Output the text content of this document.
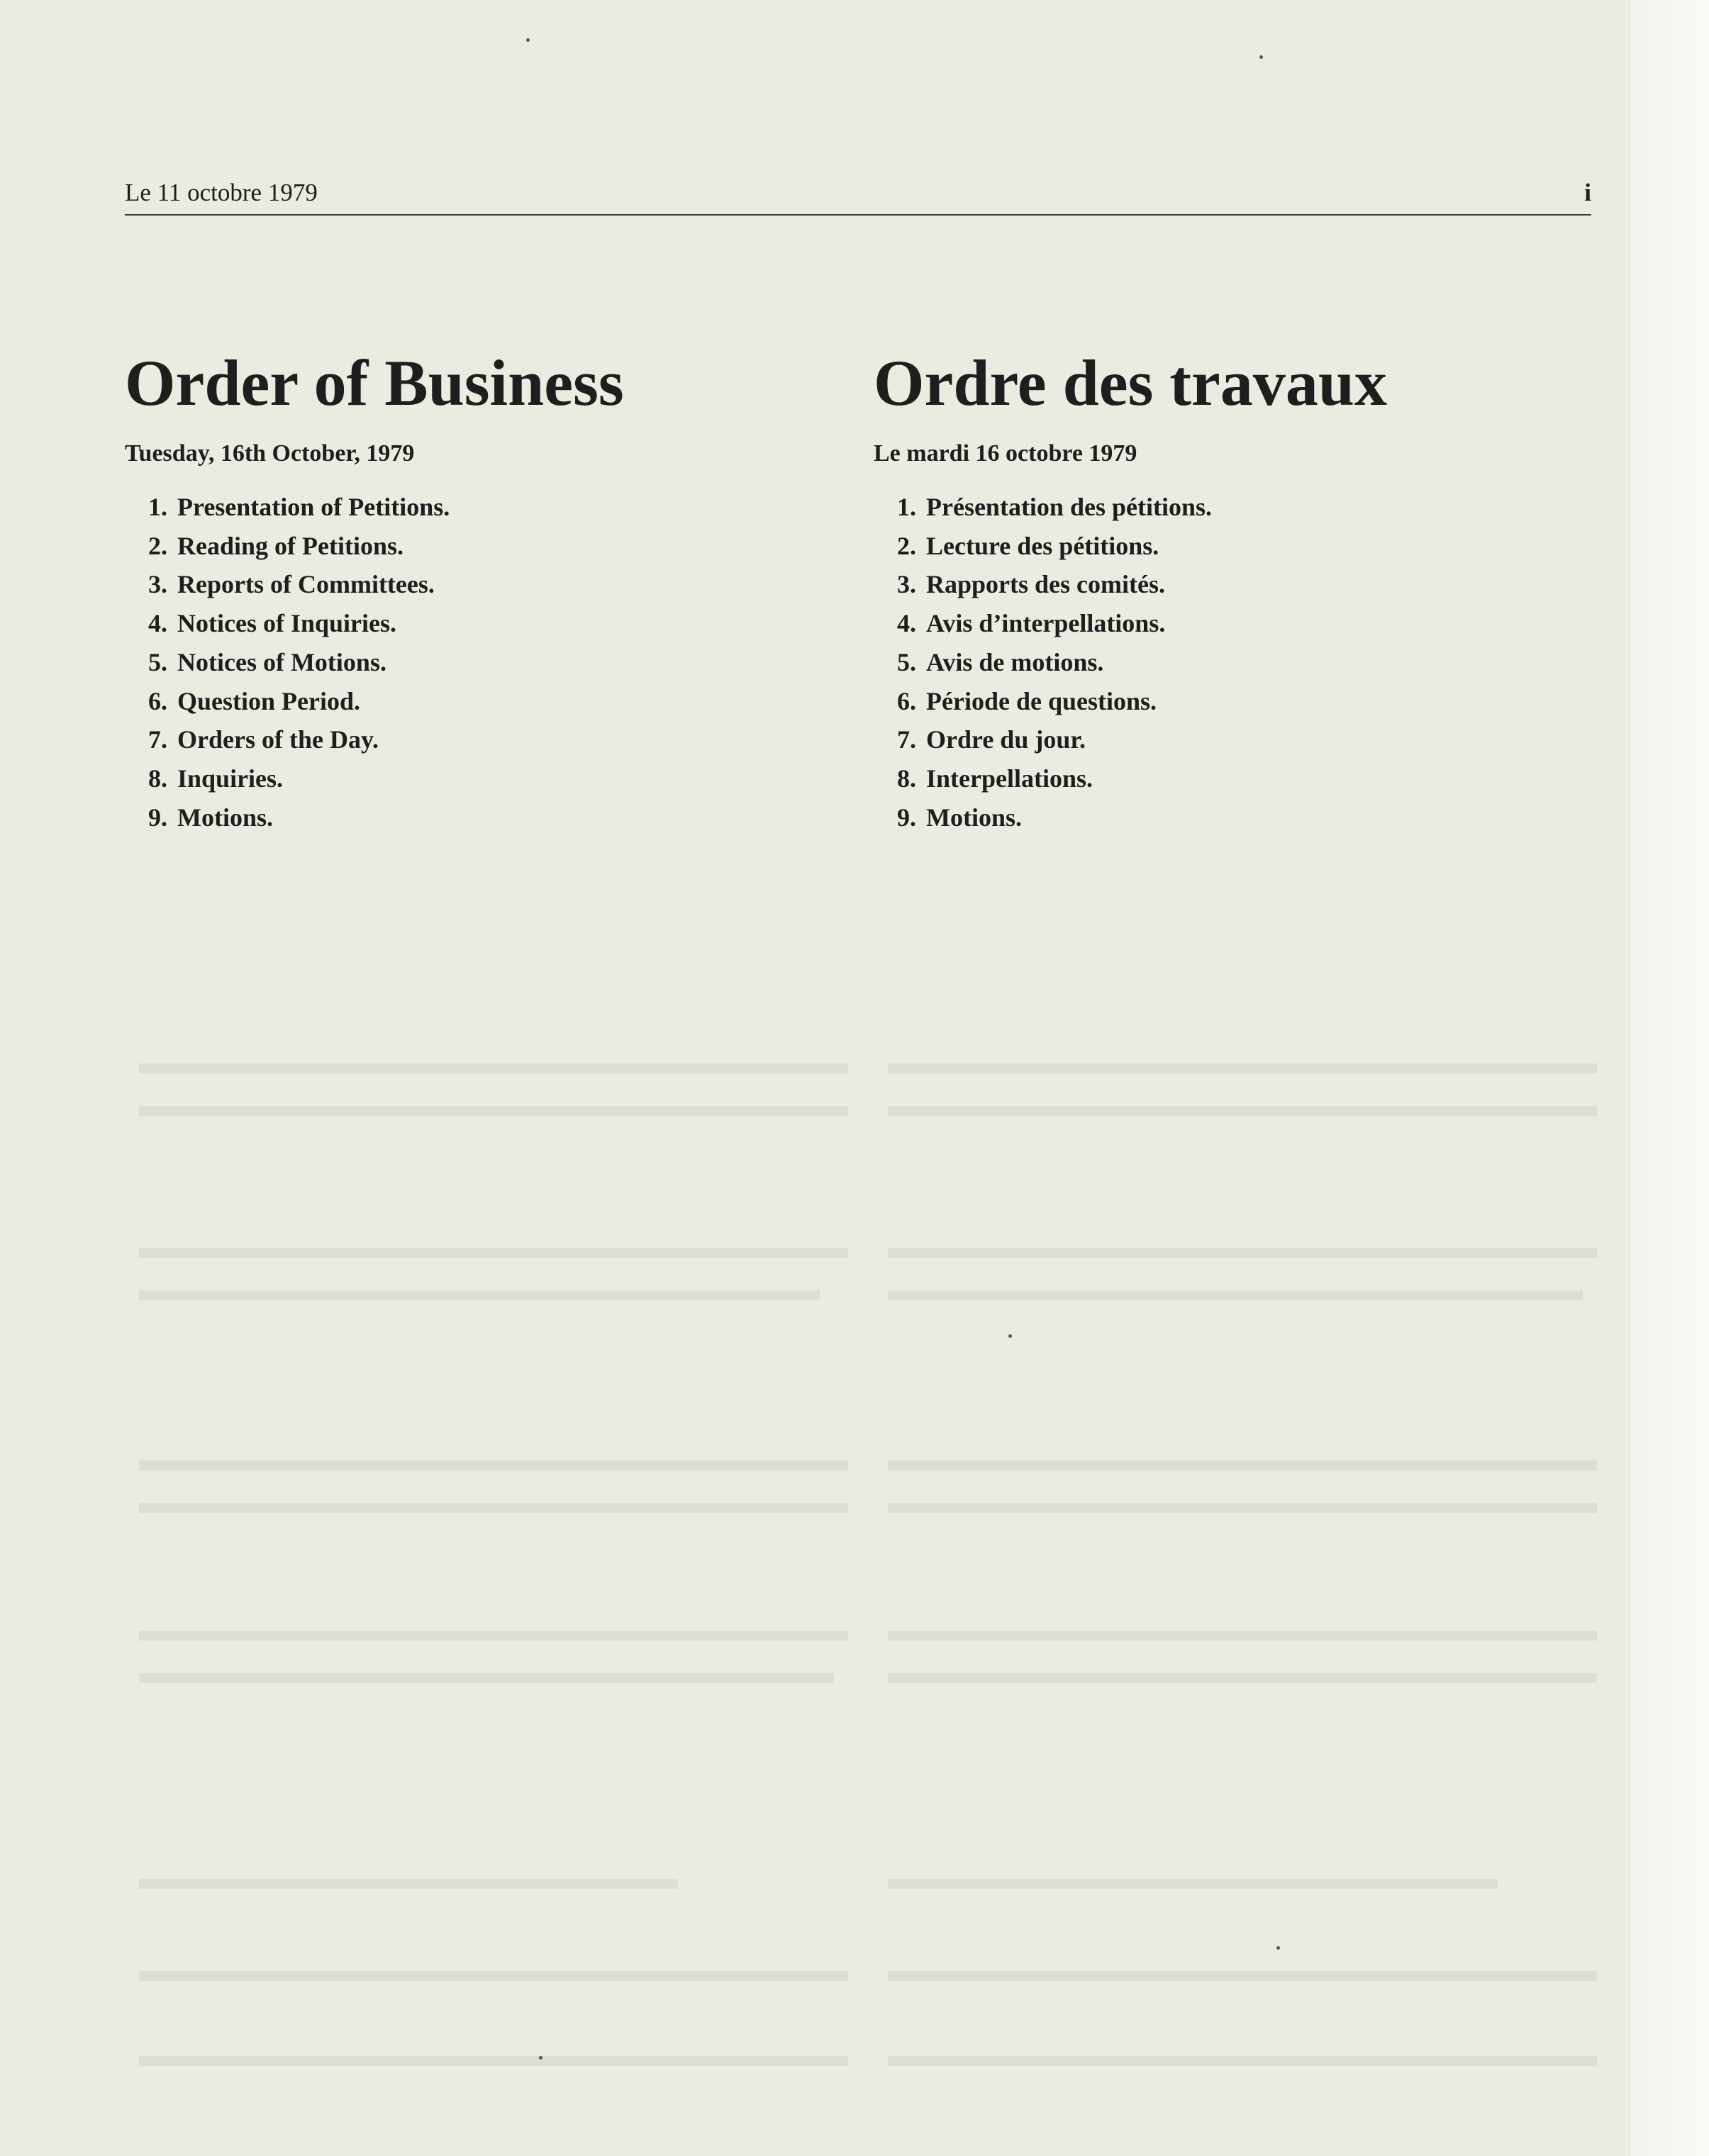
Le 11 octobre 1979	i
Order of Business
Tuesday, 16th October, 1979
1. Presentation of Petitions.
2. Reading of Petitions.
3. Reports of Committees.
4. Notices of Inquiries.
5. Notices of Motions.
6. Question Period.
7. Orders of the Day.
8. Inquiries.
9. Motions.
Ordre des travaux
Le mardi 16 octobre 1979
1. Présentation des pétitions.
2. Lecture des pétitions.
3. Rapports des comités.
4. Avis d’interpellations.
5. Avis de motions.
6. Période de questions.
7. Ordre du jour.
8. Interpellations.
9. Motions.
